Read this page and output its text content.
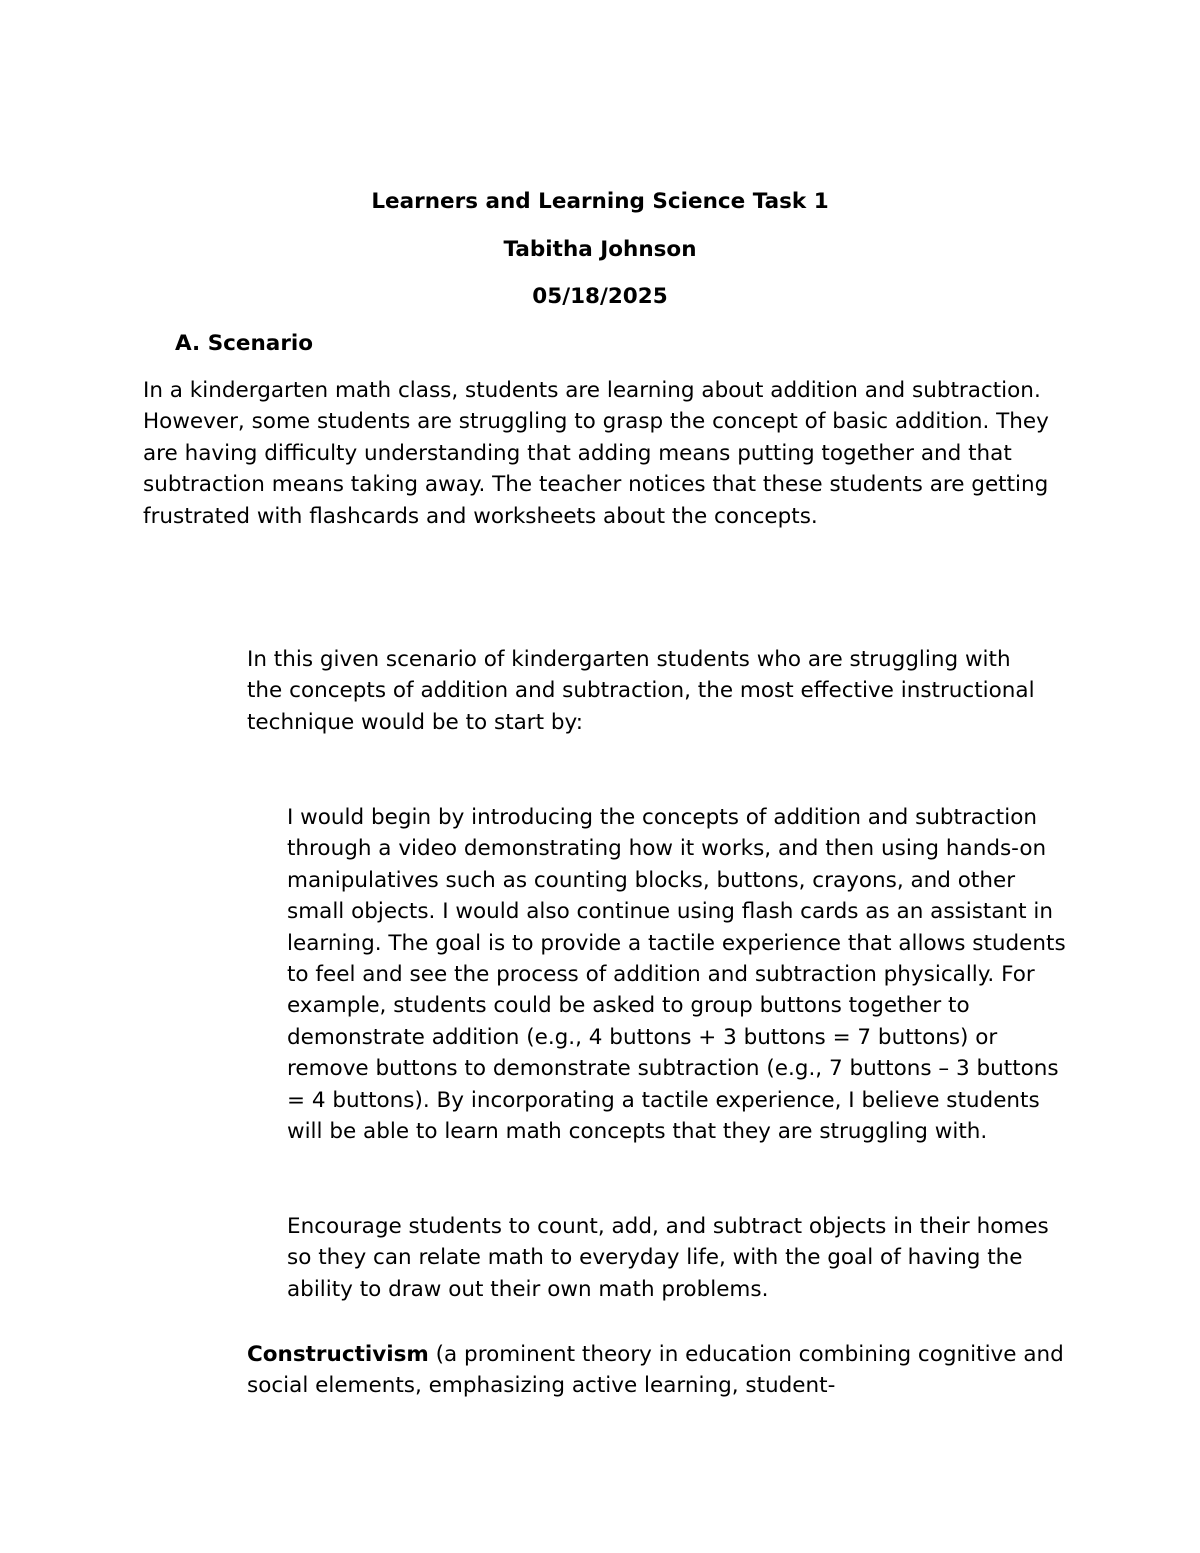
Learners and Learning Science Task 1
Tabitha Johnson
05/18/2025
A. Scenario

In a kindergarten math class, students are learning about addition and subtraction. However, some students are struggling to grasp the concept of basic addition. They are having difficulty understanding that adding means putting together and that subtraction means taking away. The teacher notices that these students are getting frustrated with flashcards and worksheets about the concepts.

In this given scenario of kindergarten students who are struggling with the concepts of addition and subtraction, the most effective instructional technique would be to start by:

I would begin by introducing the concepts of addition and subtraction through a video demonstrating how it works, and then using hands-on manipulatives such as counting blocks, buttons, crayons, and other small objects. I would also continue using flash cards as an assistant in learning. The goal is to provide a tactile experience that allows students to feel and see the process of addition and subtraction physically. For example, students could be asked to group buttons together to demonstrate addition (e.g., 4 buttons + 3 buttons = 7 buttons) or remove buttons to demonstrate subtraction (e.g., 7 buttons – 3 buttons = 4 buttons). By incorporating a tactile experience, I believe students will be able to learn math concepts that they are struggling with.

Encourage students to count, add, and subtract objects in their homes so they can relate math to everyday life, with the goal of having the ability to draw out their own math problems.

Constructivism (a prominent theory in education combining cognitive and social elements, emphasizing active learning, student-
